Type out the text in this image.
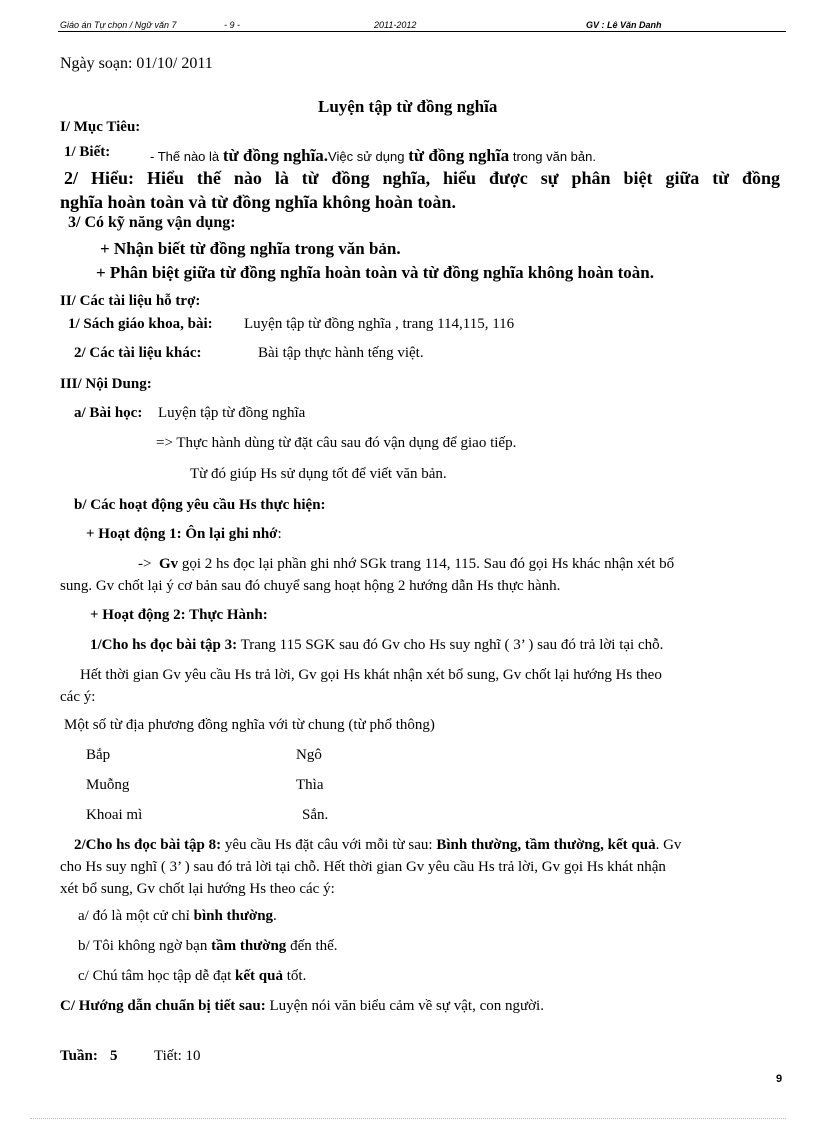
Giáo án Tự chọn / Ngữ văn 7	- 9 -	2011-2012	GV : Lê Văn Danh
Ngày soạn: 01/10/ 2011
Luyện tập từ đồng nghĩa
I/ Mục Tiêu:
1/ Biết:	- Thế nào là từ đồng nghĩa.Việc sử dụng từ đồng nghĩa trong văn bản.
2/ Hiểu: Hiểu thế nào là từ đồng nghĩa, hiểu được sự phân biệt giữa từ đồng
nghĩa hoàn toàn và từ đồng nghĩa không hoàn toàn.
3/ Có kỹ năng vận dụng:
+ Nhận biết từ đồng nghĩa trong văn bản.
+ Phân biệt giữa từ đồng nghĩa hoàn toàn và từ đồng nghĩa không hoàn toàn.
II/ Các tài liệu hỗ trợ:
1/ Sách giáo khoa, bài: Luyện tập từ đồng nghĩa , trang 114,115, 116
2/ Các tài liệu khác:	Bài tập thực hành tếng việt.
III/ Nội Dung:
a/ Bài học: Luyện tập từ đồng nghĩa
=> Thực hành dùng từ đặt câu sau đó vận dụng để giao tiếp.
Từ đó giúp Hs sử dụng tốt để viết văn bản.
b/ Các hoạt động yêu cầu Hs thực hiện:
+ Hoạt động 1: Ôn lại ghi nhớ:
-> Gv gọi 2 hs đọc lại phần ghi nhớ SGk trang 114, 115. Sau đó gọi Hs khác nhận xét bổ
sung. Gv chốt lại ý cơ bản sau đó chuyể sang hoạt hộng 2 hướng dẫn Hs thực hành.
+ Hoạt động 2: Thực Hành:
1/Cho hs đọc bài tập 3: Trang 115 SGK sau đó Gv cho Hs suy nghĩ ( 3’ ) sau đó trả lời tại chỗ.
Hết thời gian Gv yêu cầu Hs trả lời, Gv gọi Hs khát nhận xét bổ sung, Gv chốt lại hướng Hs theo
các ý:
Một số từ địa phương đồng nghĩa với từ chung (từ phổ thông)
Bắp	Ngô
Muỗng	Thìa
Khoai mì	Sắn.
2/Cho hs đọc bài tập 8: yêu cầu Hs đặt câu với mỗi từ sau: Bình thường, tầm thường, kết quả. Gv
cho Hs suy nghĩ ( 3’ ) sau đó trả lời tại chỗ. Hết thời gian Gv yêu cầu Hs trả lời, Gv gọi Hs khát nhận
xét bổ sung, Gv chốt lại hướng Hs theo các ý:
a/ đó là một cử chỉ bình thường.
b/ Tôi không ngờ bạn tầm thường đến thế.
c/ Chú tâm học tập dễ đạt kết quả tốt.
C/ Hướng dẫn chuẩn bị tiết sau: Luyện nói văn biểu cảm về sự vật, con người.
Tuần: 5 Tiết: 10
9
